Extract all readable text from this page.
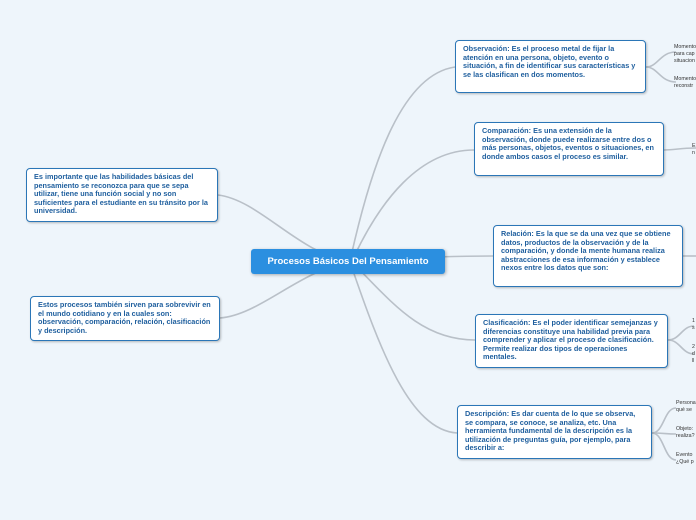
Procesos Básicos Del Pensamiento
Es importante que las habilidades básicas del pensamiento se reconozca para que se sepa utilizar, tiene una función social y no son suficientes para el estudiante en su tránsito por la universidad.
Estos procesos también sirven para sobrevivir en el mundo cotidiano y en la cuales son: observación, comparación, relación, clasificación y descripción.
Observación: Es el proceso metal de fijar la atención en una persona, objeto, evento o situación, a fin de identificar sus características y se las clasifican en dos momentos.
Comparación: Es una extensión de la observación, donde puede realizarse entre dos o más personas, objetos, eventos o situaciones, en donde ambos casos el proceso es similar.
Relación: Es la que se da una vez que se obtiene datos, productos de la observación y de la comparación, y donde la mente humana realiza abstracciones de esa información y establece nexos entre los datos que son:
Clasificación: Es el poder identificar semejanzas y diferencias constituye una habilidad previa para comprender y aplicar el proceso de clasificación. Permite realizar dos tipos de operaciones mentales.
Descripción: Es dar cuenta de lo que se observa, se compara, se conoce, se analiza, etc. Una herramienta fundamental de la descripción es la utilización de preguntas guía, por ejemplo, para describir a:
Momento
para cap
situacion
Momento
reconstr
E
n
1
s
2
d
ll
Persona
qué se
Objeto:
realiza?
Evento
¿Qué p
